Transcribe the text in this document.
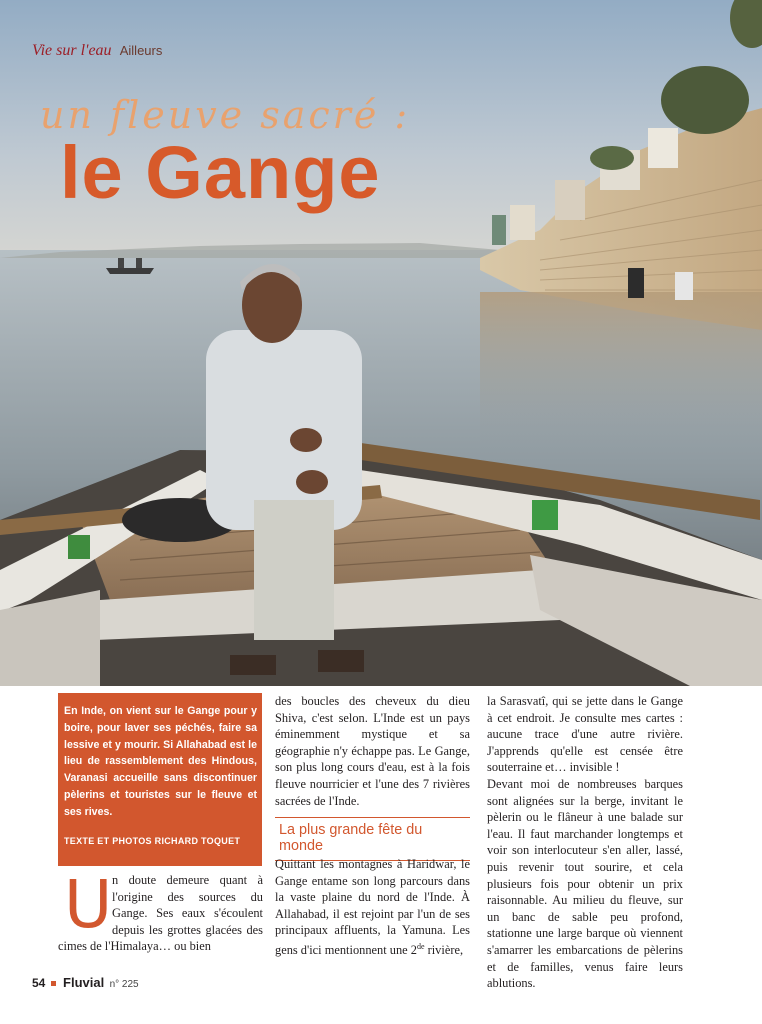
Vie sur l'eau Ailleurs
un fleuve sacré :
le Gange

En Inde, on vient sur le Gange pour y boire, pour laver ses péchés, faire sa lessive et y mourir. Si Allahabad est le lieu de rassemblement des Hindous, Varanasi accueille sans discontinuer pèlerins et touristes sur le fleuve et ses rives.

TEXTE ET PHOTOS RICHARD TOQUET

U n doute demeure quant à l'origine des sources du Gange. Ses eaux s'écoulent depuis les grottes glacées des cimes de l'Himalaya… ou bien

des boucles des cheveux du dieu Shiva, c'est selon. L'Inde est un pays éminemment mystique et sa géographie n'y échappe pas. Le Gange, son plus long cours d'eau, est à la fois fleuve nourricier et l'une des 7 rivières sacrées de l'Inde.

La plus grande fête du monde

Quittant les montagnes à Haridwar, le Gange entame son long parcours dans la vaste plaine du nord de l'Inde. À Allahabad, il est rejoint par l'un de ses principaux affluents, la Yamuna. Les gens d'ici mentionnent une 2de rivière,

la Sarasvatî, qui se jette dans le Gange à cet endroit. Je consulte mes cartes : aucune trace d'une autre rivière. J'apprends qu'elle est censée être souterraine et… invisible !

Devant moi de nombreuses barques sont alignées sur la berge, invitant le pèlerin ou le flâneur à une balade sur l'eau. Il faut marchander longtemps et voir son interlocuteur s'en aller, lassé, puis revenir tout sourire, et cela plusieurs fois pour obtenir un prix raisonnable. Au milieu du fleuve, sur un banc de sable peu profond, stationne une large barque où viennent s'amarrer les embarcations de pèlerins et de familles, venus faire leurs ablutions.

54 Fluvial n° 225
